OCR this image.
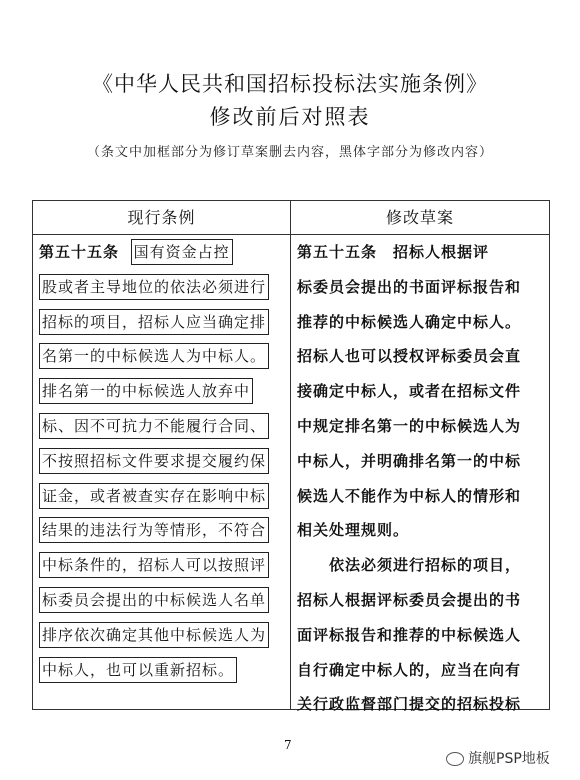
《中华人民共和国招标投标法实施条例》
修改前后对照表
（条文中加框部分为修订草案删去内容，黑体字部分为修改内容）
现行条例	修改草案
第五十五条 国有资金占控
股或者主导地位的依法必须进行
招标的项目，招标人应当确定排
名第一的中标候选人为中标人。
排名第一的中标候选人放弃中
标、因不可抗力不能履行合同、
不按照招标文件要求提交履约保
证金，或者被查实存在影响中标
结果的违法行为等情形，不符合
中标条件的，招标人可以按照评
标委员会提出的中标候选人名单
排序依次确定其他中标候选人为
中标人，也可以重新招标。
第五十五条　招标人根据评
标委员会提出的书面评标报告和
推荐的中标候选人确定中标人。
招标人也可以授权评标委员会直
接确定中标人，或者在招标文件
中规定排名第一的中标候选人为
中标人，并明确排名第一的中标
候选人不能作为中标人的情形和
相关处理规则。
　　依法必须进行招标的项目，
招标人根据评标委员会提出的书
面评标报告和推荐的中标候选人
自行确定中标人的，应当在向有
关行政监督部门提交的招标投标
7
旗舰PSP地板
